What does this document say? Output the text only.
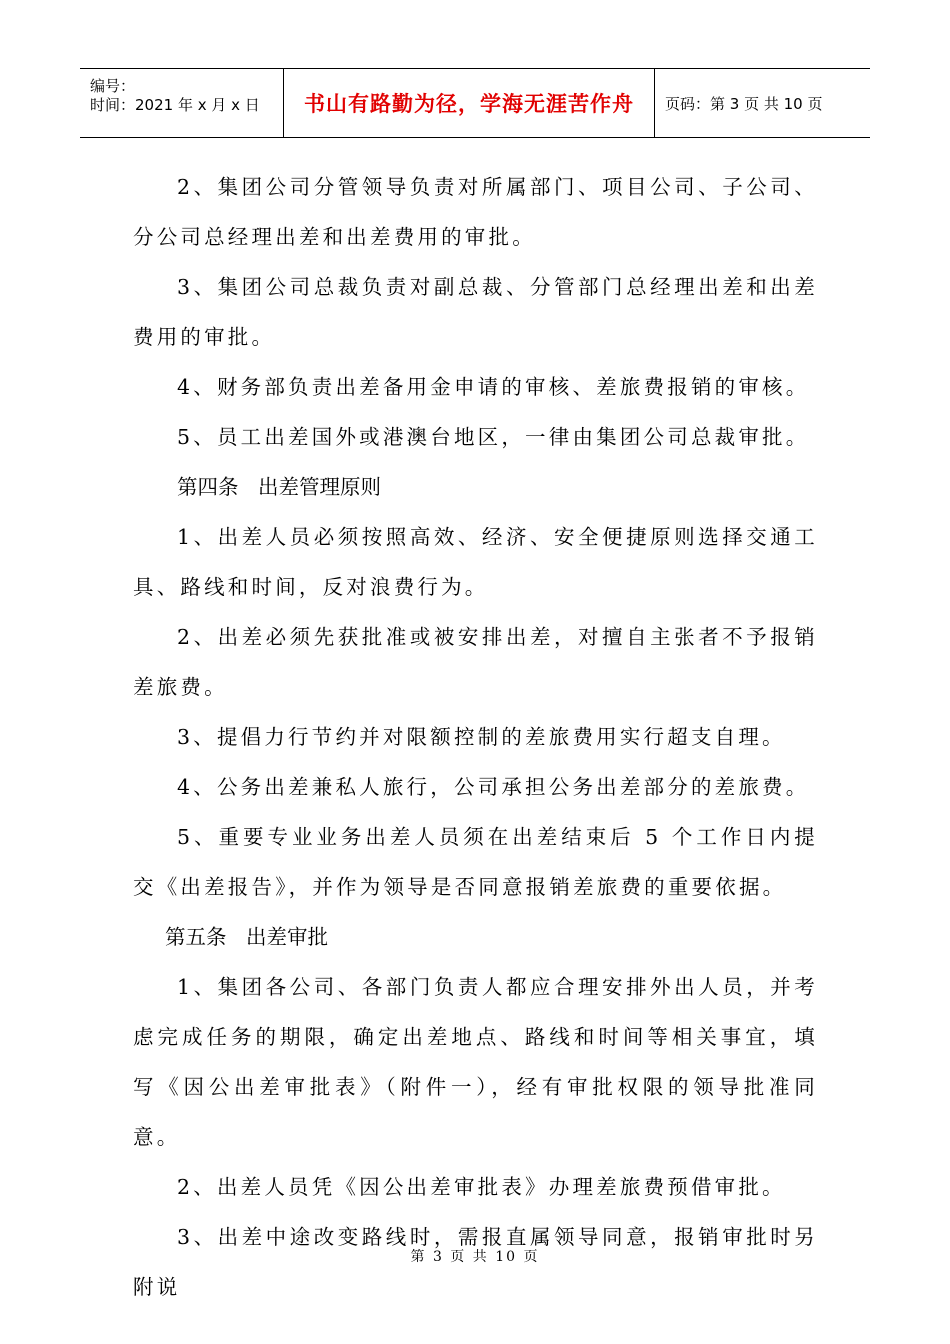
编号：
时间：2021 年 x 月 x 日 书山有路勤为径，学海无涯苦作舟 页码：第 3 页 共 10 页

2、集团公司分管领导负责对所属部门、项目公司、子公司、分公司总经理出差和出差费用的审批。

3、集团公司总裁负责对副总裁、分管部门总经理出差和出差费用的审批。

4、财务部负责出差备用金申请的审核、差旅费报销的审核。

5、员工出差国外或港澳台地区，一律由集团公司总裁审批。

第四条   出差管理原则

1、出差人员必须按照高效、经济、安全便捷原则选择交通工具、路线和时间，反对浪费行为。

2、出差必须先获批准或被安排出差，对擅自主张者不予报销差旅费。

3、提倡力行节约并对限额控制的差旅费用实行超支自理。

4、公务出差兼私人旅行，公司承担公务出差部分的差旅费。

5、重要专业业务出差人员须在出差结束后 5 个工作日内提交《出差报告》，并作为领导是否同意报销差旅费的重要依据。

第五条   出差审批

1、集团各公司、各部门负责人都应合理安排外出人员，并考虑完成任务的期限，确定出差地点、路线和时间等相关事宜，填写《因公出差审批表》（附件一），经有审批权限的领导批准同意。

2、出差人员凭《因公出差审批表》办理差旅费预借审批。

3、出差中途改变路线时，需报直属领导同意，报销审批时另附说

第 3 页 共 10 页
